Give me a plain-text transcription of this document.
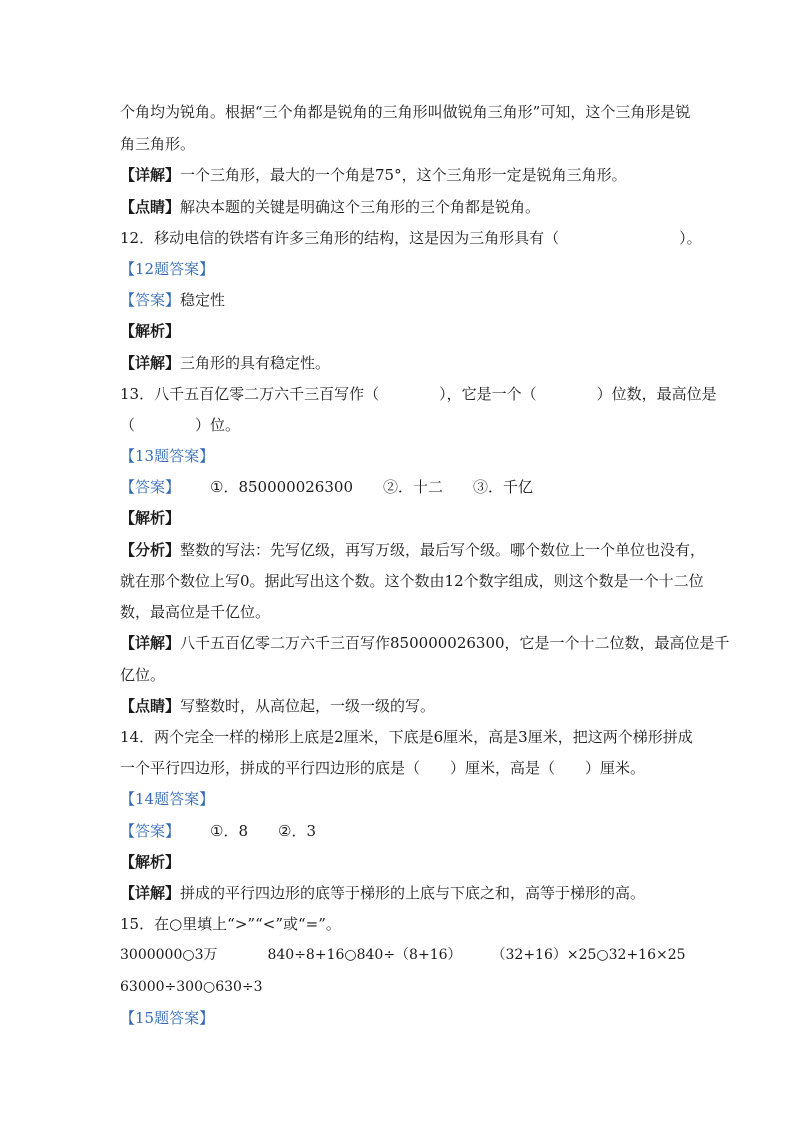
个角均为锐角。根据“三个角都是锐角的三角形叫做锐角三角形”可知，这个三角形是锐
角三角形。
【详解】一个三角形，最大的一个角是75°，这个三角形一定是锐角三角形。
【点睛】解决本题的关键是明确这个三角形的三个角都是锐角。
12．移动电信的铁塔有许多三角形的结构，这是因为三角形具有（　　　　　　　　）。
【12题答案】
【答案】稳定性
【解析】
【详解】三角形的具有稳定性。
13．八千五百亿零二万六千三百写作（　　　　），它是一个（　　　　）位数，最高位是
（　　　　）位。
【13题答案】
【答案】 ①．850000026300 ②．十二 ③．千亿
【解析】
【分析】整数的写法：先写亿级，再写万级，最后写个级。哪个数位上一个单位也没有，
就在那个数位上写0。据此写出这个数。这个数由12个数字组成，则这个数是一个十二位
数，最高位是千亿位。
【详解】八千五百亿零二万六千三百写作850000026300，它是一个十二位数，最高位是千
亿位。
【点睛】写整数时，从高位起，一级一级的写。
14．两个完全一样的梯形上底是2厘米，下底是6厘米，高是3厘米，把这两个梯形拼成
一个平行四边形，拼成的平行四边形的底是（　　）厘米，高是（　　）厘米。
【14题答案】
【答案】 ①．8 ②．3
【解析】
【详解】拼成的平行四边形的底等于梯形的上底与下底之和，高等于梯形的高。
15．在○里填上“>”“<”或“=”。
3000000○3万	840÷8+16○840÷（8+16） （32+16）×25○32+16×25
63000÷300○630÷3
【15题答案】
